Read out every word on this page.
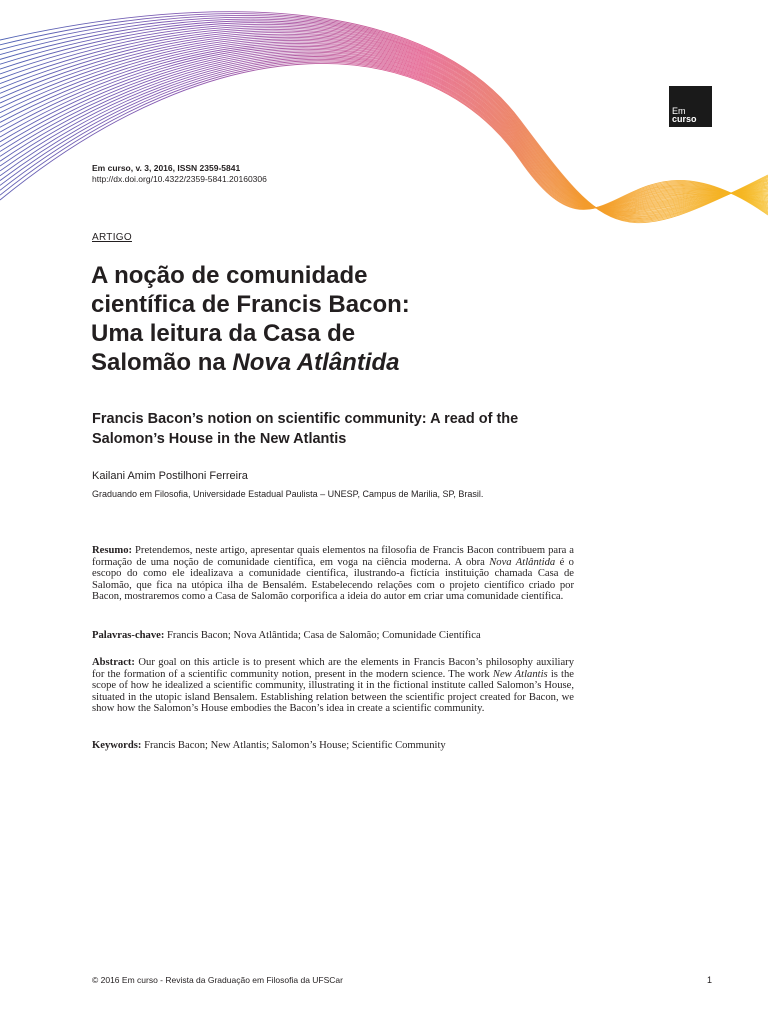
Em
curso
Em curso, v. 3, 2016, ISSN 2359-5841
http://dx.doi.org/10.4322/2359-5841.20160306
ARTIGO
A noção de comunidade
científica de Francis Bacon:
Uma leitura da Casa de
Salomão na Nova Atlântida
Francis Bacon’s notion on scientific community: A read of the
Salomon’s House in the New Atlantis
Kailani Amim Postilhoni Ferreira
Graduando em Filosofia, Universidade Estadual Paulista – UNESP, Campus de Marilia, SP, Brasil.
Resumo: Pretendemos, neste artigo, apresentar quais elementos na filosofia de Francis Bacon contribuem para a formação de uma noção de comunidade científica, em voga na ciência moderna. A obra Nova Atlântida é o escopo do como ele idealizava a comunidade científica, ilustrando-a fictícia instituição chamada Casa de Salomão, que fica na utópica ilha de Bensalém. Estabelecendo relações com o projeto científico criado por Bacon, mostraremos como a Casa de Salomão corporifica a ideia do autor em criar uma comunidade científica.
Palavras-chave: Francis Bacon; Nova Atlântida; Casa de Salomão; Comunidade Científica
Abstract: Our goal on this article is to present which are the elements in Francis Bacon’s philosophy auxiliary for the formation of a scientific community notion, present in the modern science. The work New Atlantis is the scope of how he idealized a scientific community, illustrating it in the fictional institute called Salomon’s House, situated in the utopic island Bensalem. Establishing relation between the scientific project created for Bacon, we show how the Salomon’s House embodies the Bacon’s idea in create a scientific community.
Keywords: Francis Bacon; New Atlantis; Salomon’s House; Scientific Community
© 2016 Em curso - Revista da Graduação em Filosofia da UFSCar	1
